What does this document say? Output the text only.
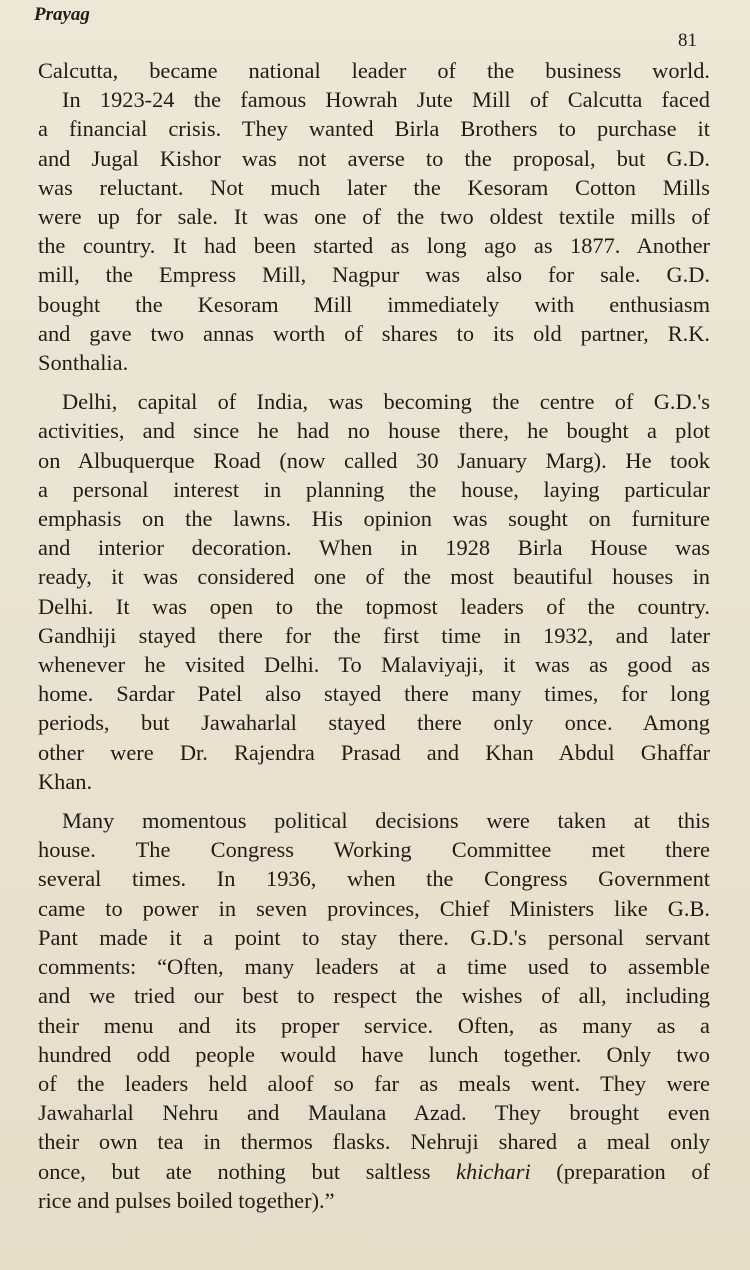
Prayag
81
Calcutta, became national leader of the business world.
In 1923-24 the famous Howrah Jute Mill of Calcutta faced
a financial crisis. They wanted Birla Brothers to purchase it
and Jugal Kishor was not averse to the proposal, but G.D.
was reluctant. Not much later the Kesoram Cotton Mills
were up for sale. It was one of the two oldest textile mills of
the country. It had been started as long ago as 1877. Another
mill, the Empress Mill, Nagpur was also for sale. G.D.
bought the Kesoram Mill immediately with enthusiasm
and gave two annas worth of shares to its old partner, R.K.
Sonthalia.
Delhi, capital of India, was becoming the centre of G.D.'s
activities, and since he had no house there, he bought a plot
on Albuquerque Road (now called 30 January Marg). He took
a personal interest in planning the house, laying particular
emphasis on the lawns. His opinion was sought on furniture
and interior decoration. When in 1928 Birla House was
ready, it was considered one of the most beautiful houses in
Delhi. It was open to the topmost leaders of the country.
Gandhiji stayed there for the first time in 1932, and later
whenever he visited Delhi. To Malaviyaji, it was as good as
home. Sardar Patel also stayed there many times, for long
periods, but Jawaharlal stayed there only once. Among
other were Dr. Rajendra Prasad and Khan Abdul Ghaffar
Khan.
Many momentous political decisions were taken at this
house. The Congress Working Committee met there
several times. In 1936, when the Congress Government
came to power in seven provinces, Chief Ministers like G.B.
Pant made it a point to stay there. G.D.'s personal servant
comments: “Often, many leaders at a time used to assemble
and we tried our best to respect the wishes of all, including
their menu and its proper service. Often, as many as a
hundred odd people would have lunch together. Only two
of the leaders held aloof so far as meals went. They were
Jawaharlal Nehru and Maulana Azad. They brought even
their own tea in thermos flasks. Nehruji shared a meal only
once, but ate nothing but saltless khichari (preparation of
rice and pulses boiled together).”
